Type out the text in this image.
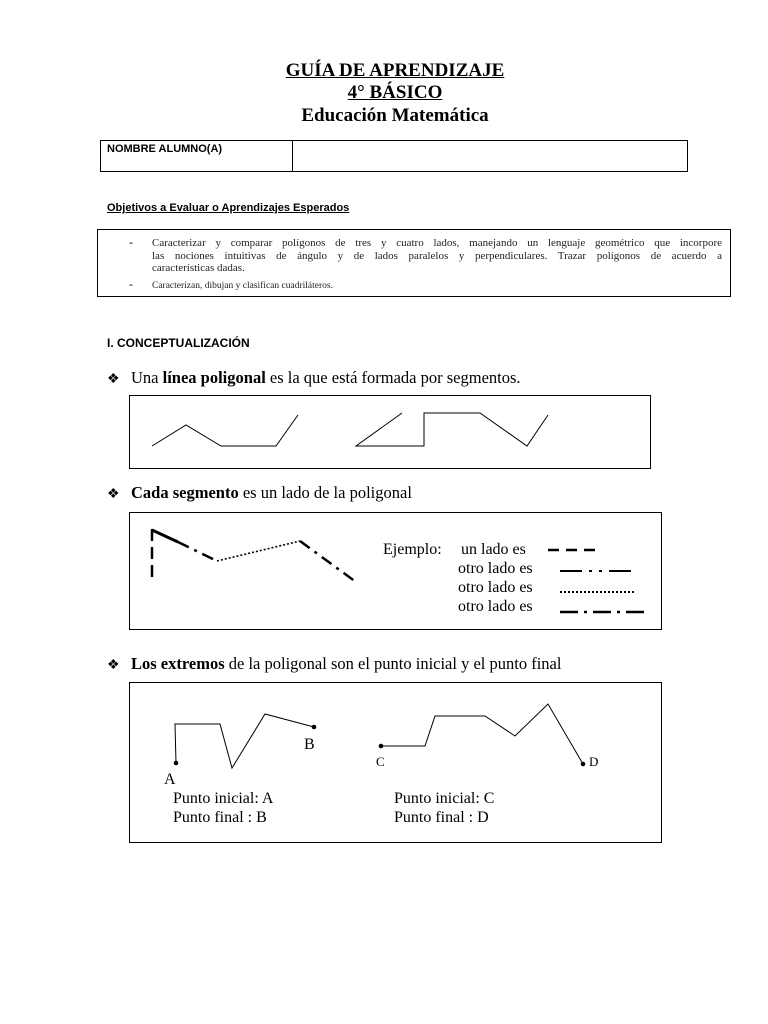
GUÍA DE APRENDIZAJE
4° BÁSICO
Educación Matemática
NOMBRE ALUMNO(A)
Objetivos a Evaluar o Aprendizajes Esperados
- Caracterizar y comparar polígonos de tres y cuatro lados, manejando un lenguaje geométrico que incorpore
las nociones intuitivas de ángulo y de lados paralelos y perpendiculares. Trazar polígonos de acuerdo a
características dadas.
- Caracterizan, dibujan y clasifican cuadriláteros.
I. CONCEPTUALIZACIÓN
❖ Una línea poligonal es la que está formada por segmentos.
❖ Cada segmento es un lado de la poligonal
Ejemplo: un lado es
otro lado es
otro lado es
otro lado es
❖ Los extremos de la poligonal son el punto inicial y el punto final
B
A
C	D
Punto inicial: A
Punto final : B
Punto inicial: C
Punto final : D
